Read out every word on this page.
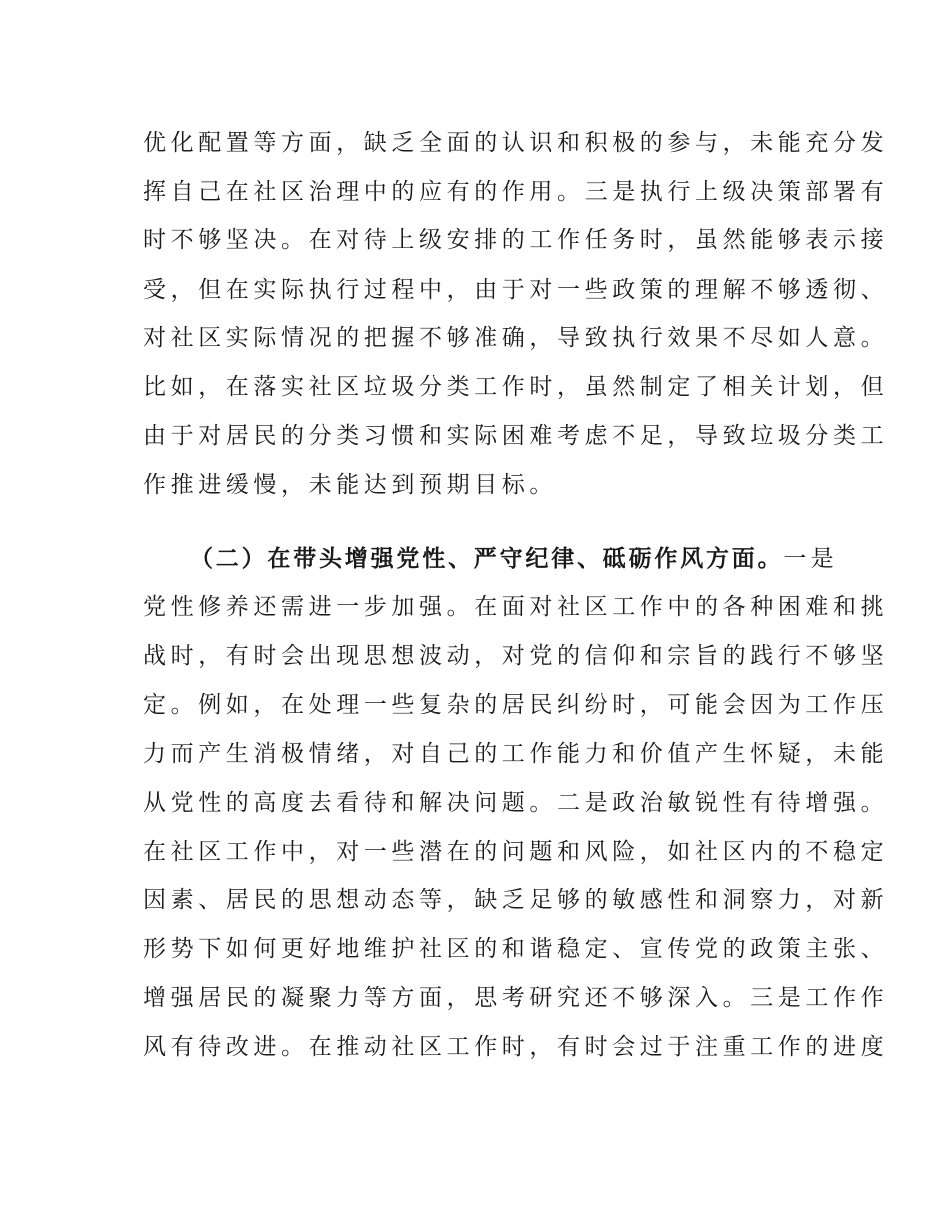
优化配置等方面，缺乏全面的认识和积极的参与，未能充分发
挥自己在社区治理中的应有的作用。三是执行上级决策部署有
时不够坚决。在对待上级安排的工作任务时，虽然能够表示接
受，但在实际执行过程中，由于对一些政策的理解不够透彻、
对社区实际情况的把握不够准确，导致执行效果不尽如人意。
比如，在落实社区垃圾分类工作时，虽然制定了相关计划，但
由于对居民的分类习惯和实际困难考虑不足，导致垃圾分类工
作推进缓慢，未能达到预期目标。
（二）在带头增强党性、严守纪律、砥砺作风方面。一是
党性修养还需进一步加强。在面对社区工作中的各种困难和挑
战时，有时会出现思想波动，对党的信仰和宗旨的践行不够坚
定。例如，在处理一些复杂的居民纠纷时，可能会因为工作压
力而产生消极情绪，对自己的工作能力和价值产生怀疑，未能
从党性的高度去看待和解决问题。二是政治敏锐性有待增强。
在社区工作中，对一些潜在的问题和风险，如社区内的不稳定
因素、居民的思想动态等，缺乏足够的敏感性和洞察力，对新
形势下如何更好地维护社区的和谐稳定、宣传党的政策主张、
增强居民的凝聚力等方面，思考研究还不够深入。三是工作作
风有待改进。在推动社区工作时，有时会过于注重工作的进度
